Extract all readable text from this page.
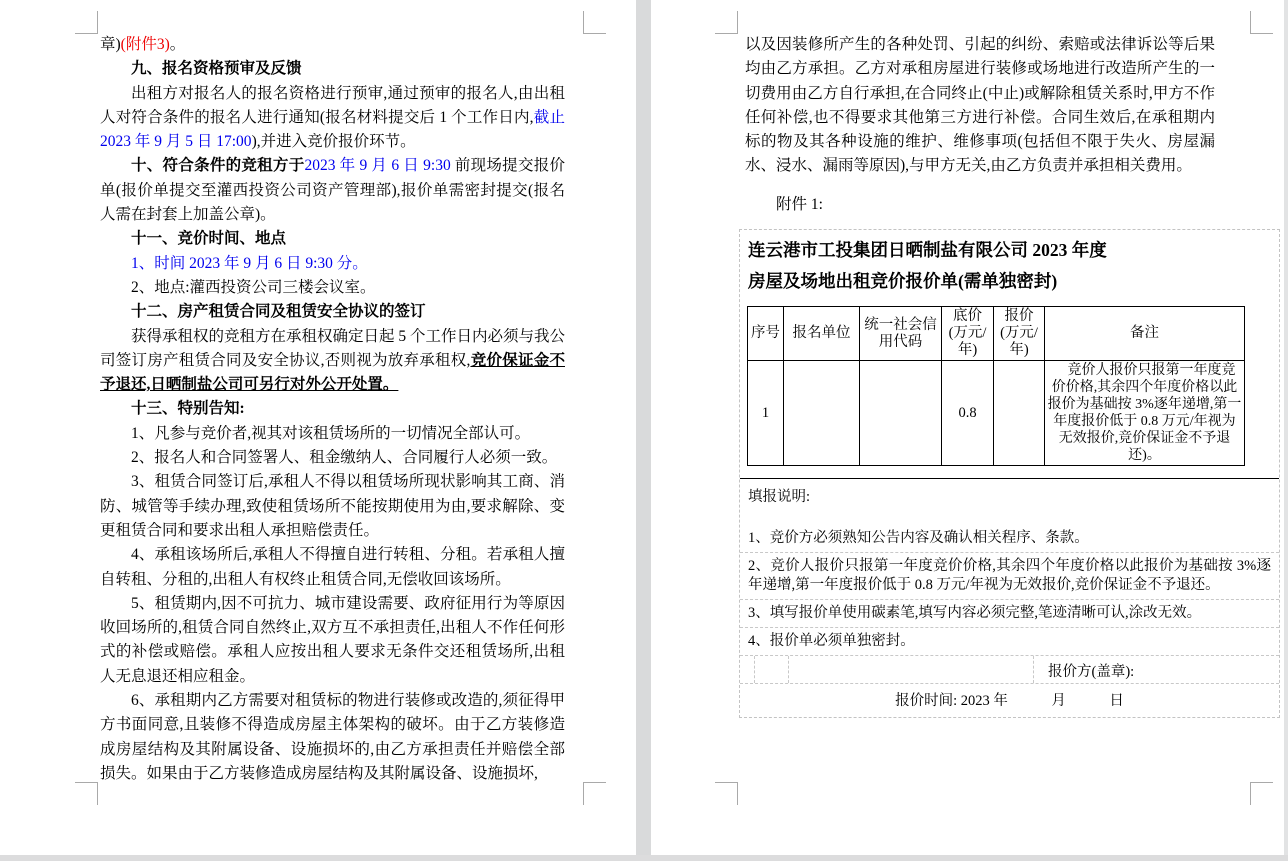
章)(附件3)。

九、报名资格预审及反馈

出租方对报名人的报名资格进行预审,通过预审的报名人,由出租人对符合条件的报名人进行通知(报名材料提交后 1 个工作日内,截止 2023 年 9 月 5 日 17:00),并进入竞价报价环节。

十、符合条件的竞租方于2023 年 9 月 6 日 9:30 前现场提交报价单(报价单提交至灌西投资公司资产管理部),报价单需密封提交(报名人需在封套上加盖公章)。

十一、竞价时间、地点

1、时间 2023 年 9 月 6 日 9:30 分。

2、地点:灌西投资公司三楼会议室。

十二、房产租赁合同及租赁安全协议的签订

获得承租权的竞租方在承租权确定日起 5 个工作日内必须与我公司签订房产租赁合同及安全协议,否则视为放弃承租权,竞价保证金不予退还,日晒制盐公司可另行对外公开处置。

十三、特别告知:

1、凡参与竞价者,视其对该租赁场所的一切情况全部认可。

2、报名人和合同签署人、租金缴纳人、合同履行人必须一致。

3、租赁合同签订后,承租人不得以租赁场所现状影响其工商、消防、城管等手续办理,致使租赁场所不能按期使用为由,要求解除、变更租赁合同和要求出租人承担赔偿责任。

4、承租该场所后,承租人不得擅自进行转租、分租。若承租人擅自转租、分租的,出租人有权终止租赁合同,无偿收回该场所。

5、租赁期内,因不可抗力、城市建设需要、政府征用行为等原因收回场所的,租赁合同自然终止,双方互不承担责任,出租人不作任何形式的补偿或赔偿。承租人应按出租人要求无条件交还租赁场所,出租人无息退还相应租金。

6、承租期内乙方需要对租赁标的物进行装修或改造的,须征得甲方书面同意,且装修不得造成房屋主体架构的破坏。由于乙方装修造成房屋结构及其附属设备、设施损坏的,由乙方承担责任并赔偿全部损失。如果由于乙方装修造成房屋结构及其附属设备、设施损坏,

以及因装修所产生的各种处罚、引起的纠纷、索赔或法律诉讼等后果均由乙方承担。乙方对承租房屋进行装修或场地进行改造所产生的一切费用由乙方自行承担,在合同终止(中止)或解除租赁关系时,甲方不作任何补偿,也不得要求其他第三方进行补偿。合同生效后,在承租期内标的物及其各种设施的维护、维修事项(包括但不限于失火、房屋漏水、浸水、漏雨等原因),与甲方无关,由乙方负责并承担相关费用。

附件 1:
连云港市工投集团日晒制盐有限公司 2023 年度
房屋及场地出租竞价报价单(需单独密封)
序号	报名单位	统一社会信用代码	底价(万元/年)	报价(万元/年)	备注
1			0.8		竞价人报价只报第一年度竞价价格,其余四个年度价格以此报价为基础按 3%逐年递增,第一年度报价低于 0.8 万元/年视为无效报价,竞价保证金不予退还)。
填报说明:
1、竞价方必须熟知公告内容及确认相关程序、条款。
2、竞价人报价只报第一年度竞价价格,其余四个年度价格以此报价为基础按 3%逐年递增,第一年度报价低于 0.8 万元/年视为无效报价,竞价保证金不予退还。
3、填写报价单使用碳素笔,填写内容必须完整,笔迹清晰可认,涂改无效。
4、报价单必须单独密封。
报价方(盖章):
报价时间: 2023 年　　　月　　　日
